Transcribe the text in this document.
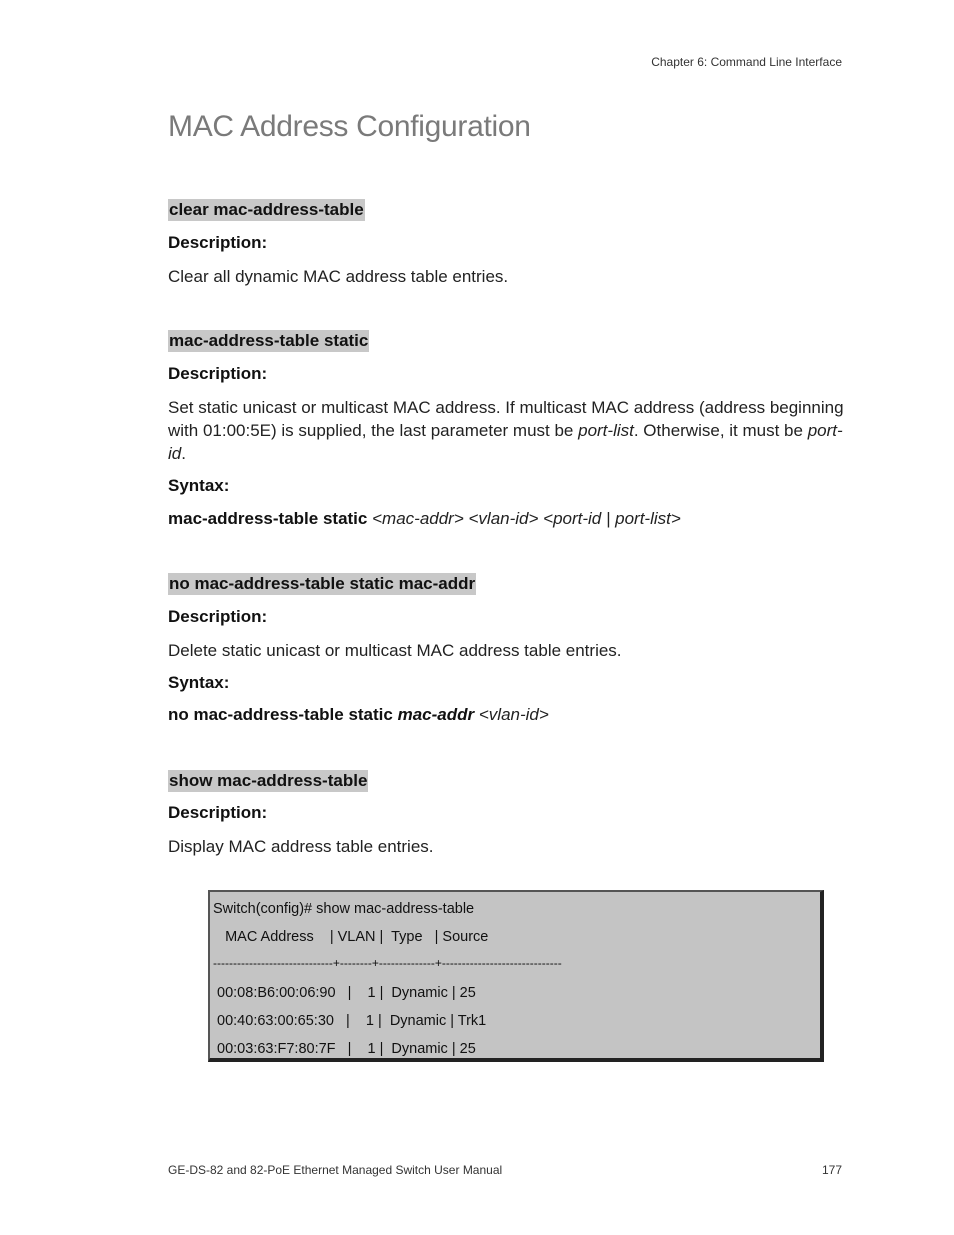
Chapter 6: Command Line Interface
MAC Address Configuration
clear mac-address-table
Description:
Clear all dynamic MAC address table entries.
mac-address-table static
Description:
Set static unicast or multicast MAC address. If multicast MAC address (address beginning with 01:00:5E) is supplied, the last parameter must be port-list. Otherwise, it must be port-id.
Syntax:
mac-address-table static <mac-addr> <vlan-id> <port-id | port-list>
no mac-address-table static mac-addr
Description:
Delete static unicast or multicast MAC address table entries.
Syntax:
no mac-address-table static mac-addr <vlan-id>
show mac-address-table
Description:
Display MAC address table entries.
Switch(config)# show mac-address-table
MAC Address    | VLAN |  Type   | Source
------------------------------+--------+--------------+------------------------------
00:08:B6:00:06:90   |    1 |  Dynamic | 25
00:40:63:00:65:30   |    1 |  Dynamic | Trk1
00:03:63:F7:80:7F   |    1 |  Dynamic | 25
GE-DS-82 and 82-PoE Ethernet Managed Switch User Manual	177
